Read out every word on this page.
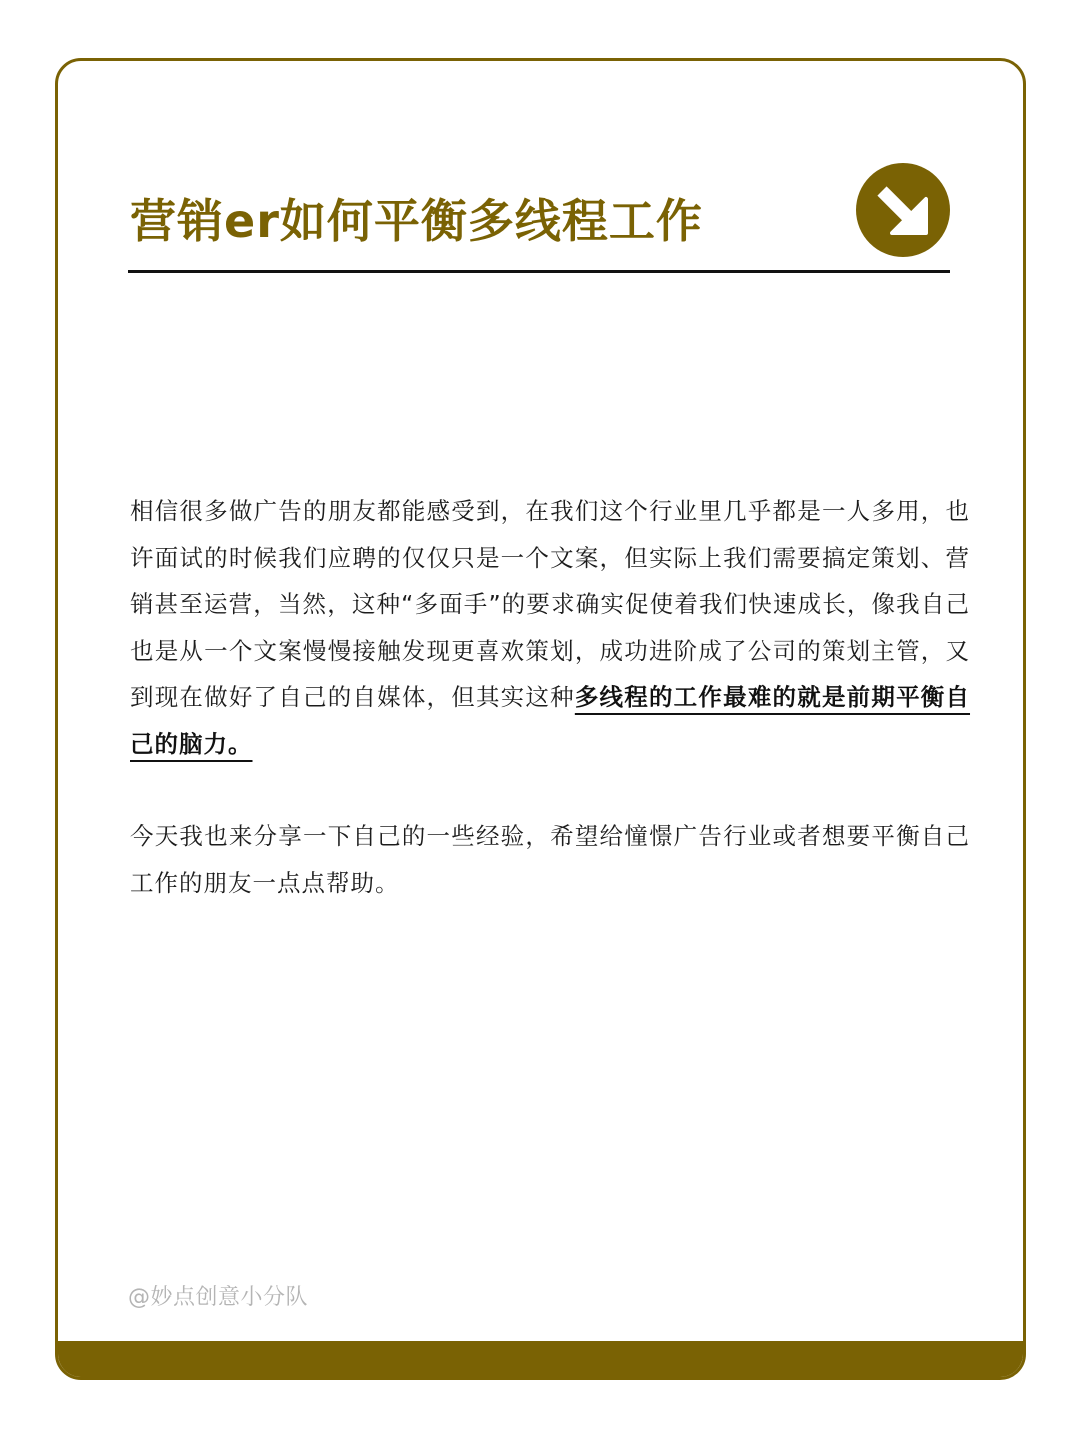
营销er如何平衡多线程工作

相信很多做广告的朋友都能感受到，在我们这个行业里几乎都是一人多用，也许面试的时候我们应聘的仅仅只是一个文案，但实际上我们需要搞定策划、营销甚至运营，当然，这种“多面手”的要求确实促使着我们快速成长，像我自己也是从一个文案慢慢接触发现更喜欢策划，成功进阶成了公司的策划主管，又到现在做好了自己的自媒体，但其实这种多线程的工作最难的就是前期平衡自己的脑力。

今天我也来分享一下自己的一些经验，希望给憧憬广告行业或者想要平衡自己工作的朋友一点点帮助。

@妙点创意小分队
